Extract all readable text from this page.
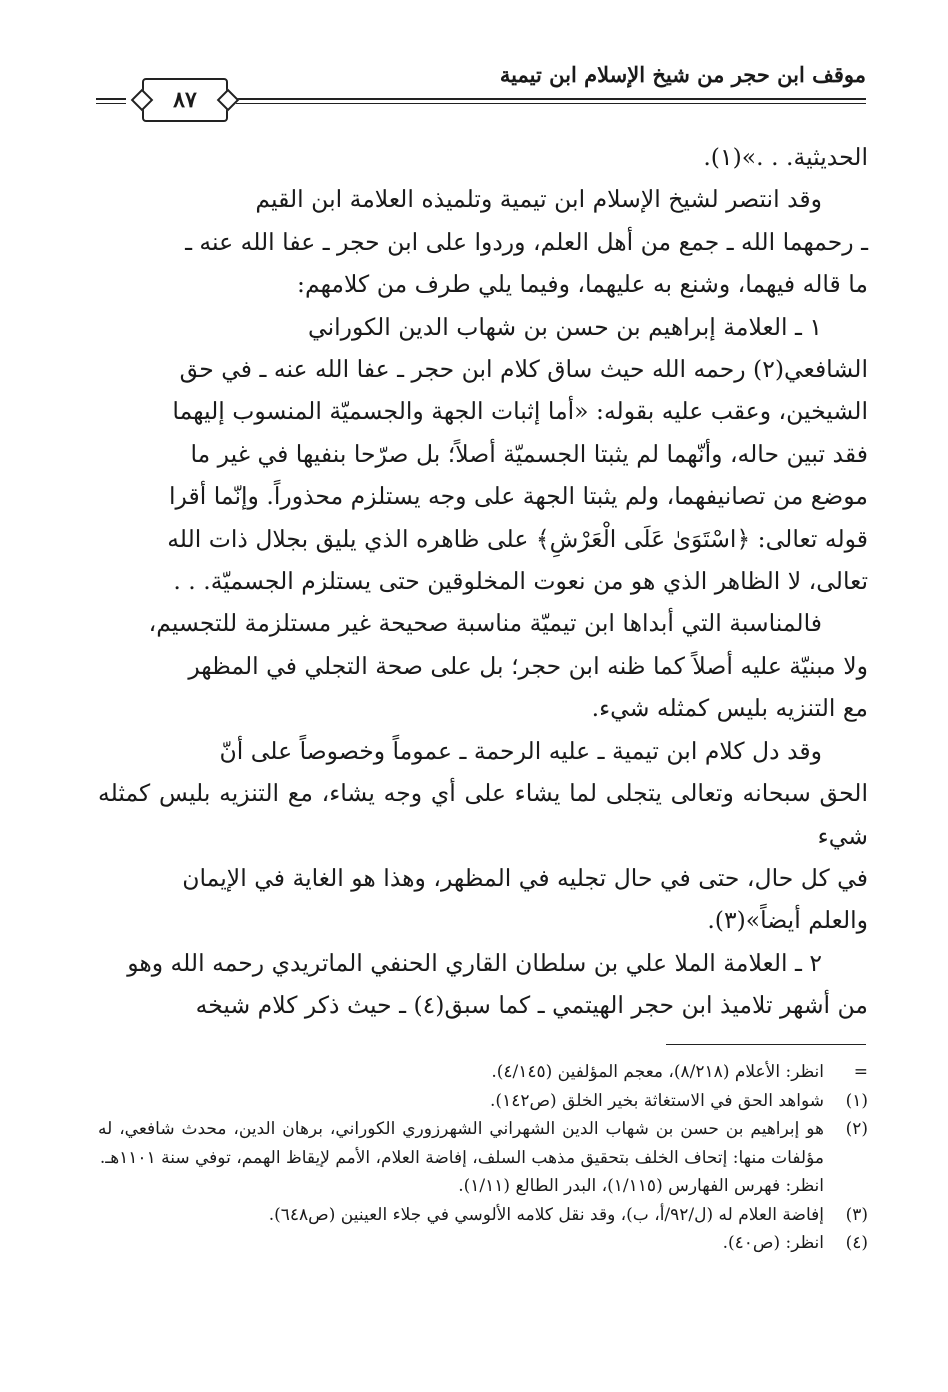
موقف ابن حجر من شيخ الإسلام ابن تيمية
٨٧

الحديثية. . .»(١).

وقد انتصر لشيخ الإسلام ابن تيمية وتلميذه العلامة ابن القيم

ـ رحمهما الله ـ جمع من أهل العلم، وردوا على ابن حجر ـ عفا الله عنه ـ

ما قاله فيهما، وشنع به عليهما، وفيما يلي طرف من كلامهم:

١ ـ العلامة إبراهيم بن حسن بن شهاب الدين الكوراني

الشافعي(٢) رحمه الله حيث ساق كلام ابن حجر ـ عفا الله عنه ـ في حق

الشيخين، وعقب عليه بقوله: «أما إثبات الجهة والجسميّة المنسوب إليهما

فقد تبين حاله، وأنّهما لم يثبتا الجسميّة أصلاً؛ بل صرّحا بنفيها في غير ما

موضع من تصانيفهما، ولم يثبتا الجهة على وجه يستلزم محذوراً. وإنّما أقرا

قوله تعالى: ﴿اسْتَوَىٰ عَلَى الْعَرْشِ﴾ على ظاهره الذي يليق بجلال ذات الله

تعالى، لا الظاهر الذي هو من نعوت المخلوقين حتى يستلزم الجسميّة. . .

فالمناسبة التي أبداها ابن تيميّة مناسبة صحيحة غير مستلزمة للتجسيم،

ولا مبنيّة عليه أصلاً كما ظنه ابن حجر؛ بل على صحة التجلي في المظهر

مع التنزيه بليس كمثله شيء.

وقد دل كلام ابن تيمية ـ عليه الرحمة ـ عموماً وخصوصاً على أنّ

الحق سبحانه وتعالى يتجلى لما يشاء على أي وجه يشاء، مع التنزيه بليس كمثله شيء

في كل حال، حتى في حال تجليه في المظهر، وهذا هو الغاية في الإيمان

والعلم أيضاً»(٣).

٢ ـ العلامة الملا علي بن سلطان القاري الحنفي الماتريدي رحمه الله وهو

من أشهر تلاميذ ابن حجر الهيتمي ـ كما سبق(٤) ـ حيث ذكر كلام شيخه

=
انظر: الأعلام (٨/٢١٨)، معجم المؤلفين (٤/١٤٥).
(١)
شواهد الحق في الاستغاثة بخير الخلق (ص١٤٢).
(٢)
هو إبراهيم بن حسن بن شهاب الدين الشهراني الشهرزوري الكوراني، برهان الدين، محدث شافعي، له مؤلفات منها: إتحاف الخلف بتحقيق مذهب السلف، إفاضة العلام، الأمم لإيقاظ الهمم، توفي سنة ١١٠١هـ.
انظر: فهرس الفهارس (١/١١٥)، البدر الطالع (١/١١).
(٣)
إفاضة العلام له (ل/٩٢/أ، ب)، وقد نقل كلامه الألوسي في جلاء العينين (ص٦٤٨).
(٤)
انظر: (ص٤٠).
